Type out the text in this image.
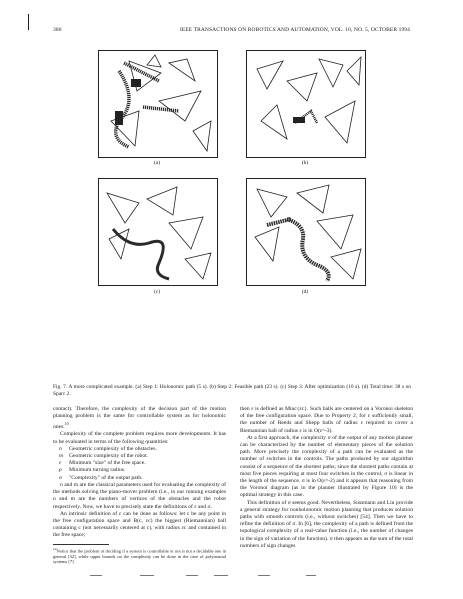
386	IEEE TRANSACTIONS ON ROBOTICS AND AUTOMATION, VOL. 10, NO. 5, OCTOBER 1994
(a)	(b)
(c)	(d)
Fig. 7. A more complicated example. (a) Step 1: Holonomic path (5 s). (b) Step 2: Feasible path (23 s). (c) Step 3: After optimization (10 s). (d) Total time: 38 s on Sparc 2.

contact). Therefore, the complexity of the decision part of the motion planning problem is the same for controllable system as for holonomic ones.$^{10}$

Complexity of the complete problem requires more developments. It has to be evaluated in terms of the following quantities:

n Geometric complexity of the obstacles.
m Geometric complexity of the robot.
ε Minimum "size" of the free space.
ρ Minimum turning radius.
σ "Complexity" of the output path.

n and m are the classical parameters used for evaluating the complexity of the methods solving the piano-mover problem (i.e., in our running examples n and m are the numbers of vertices of the obstacles and the robot respectively. Now, we have to precisely state the definitions of ε and σ.

An intrinsic definition of ε can be done as follows: let c be any point in the free configuration space and B(c, εc) the biggest (Riemannian) ball containing c (not necessarily centered at c), with radius εc and contained in the free space;

$^{10}$Notice that the problem of deciding if a system is controllable or not is not a decidable one in general [32], while upper bounds on the complexity can be done in the case of polynomial systems [7].

then ε is defined as Minc{εc}. Such balls are centered on a Voronoi skeleton of the free configuration space. Due to Property 2, for ε sufficiently small, the number of Reeds and Shepp balls of radius ε required to cover a Riemannian ball of radius ε is in O(ε^-3).

At a first approach, the complexity σ of the output of any motion planner can be characterized by the number of elementary pieces of the solution path. More precisely the complexity of a path can be evaluated as the number of switches in the controls. The paths produced by our algorithm consist of a sequence of the shortest paths; since the shortest paths contain at most five pieces requiring at most four switches in the control, σ is linear in the length of the sequence. σ is in O(ε^-2) and it appears that reasoning from the Voronoi diagram (as in the planner illustrated by Figure 10) is the optimal strategy in this case.

This definition of σ seems good. Nevertheless, Sussmann and Liu provide a general strategy for nonholonomic motion planning that produces solution paths with smooth controls (i.e., without switches) [54]. Then we have to refine the definition of σ. In [6], the complexity of a path is defined from the topological complexity of a real-value function (i.e., the number of changes in the sign of variation of the function). σ then appears as the sum of the total numbers of sign changes
